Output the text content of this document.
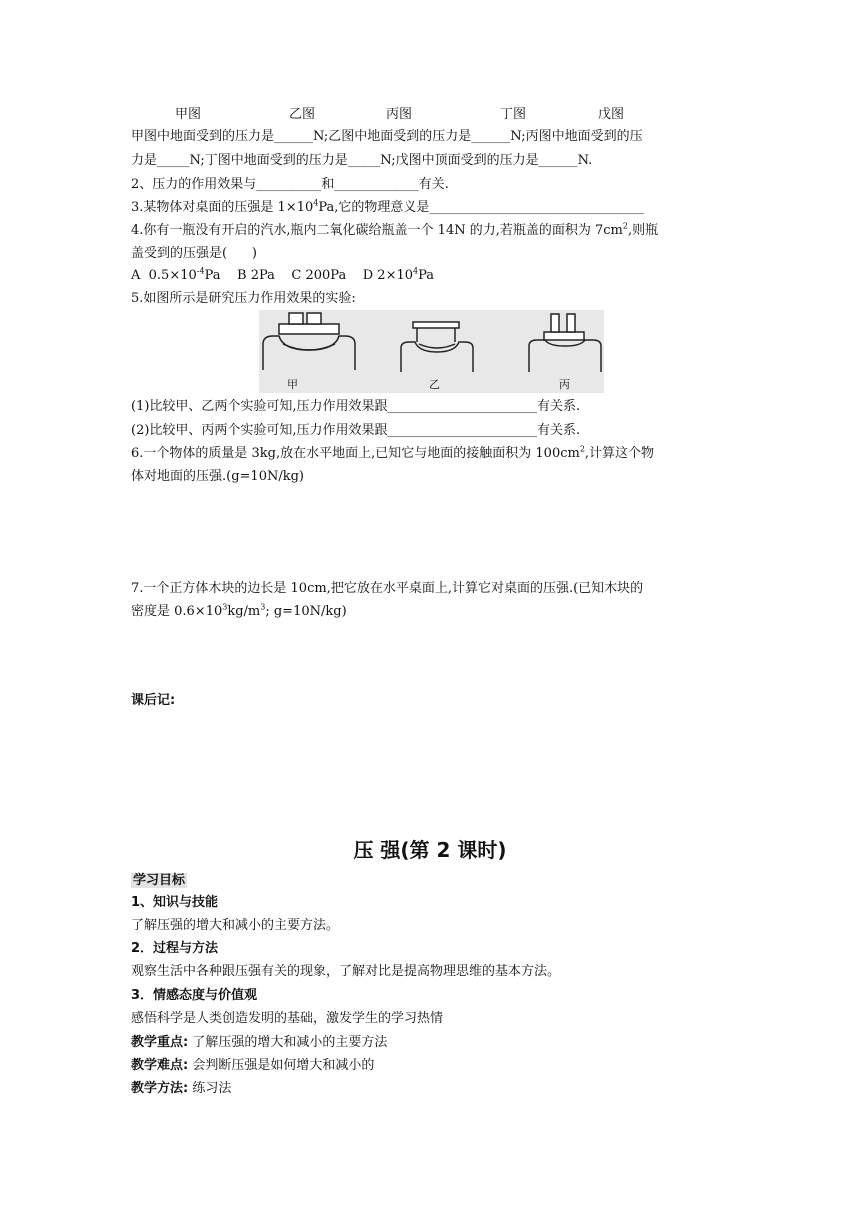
甲图	乙图	丙图	丁图	戊图
甲图中地面受到的压力是______N;乙图中地面受到的压力是______N;丙图中地面受到的压
力是_____N;丁图中地面受到的压力是_____N;戊图中顶面受到的压力是______N.
2、压力的作用效果与__________和_____________有关.
3.某物体对桌面的压强是 $1\times 10^4Pa$,它的物理意义是_________________________________
4.你有一瓶没有开启的汽水,瓶内二氧化碳给瓶盖一个 14N 的力,若瓶盖的面积为 $7cm^2$,则瓶
盖受到的压强是(      )
A  $0.5\times 10^{-4}Pa$    B 2Pa    C 200Pa    D $2\times 10^4Pa$
5.如图所示是研究压力作用效果的实验:
甲	乙	丙
(1)比较甲、乙两个实验可知,压力作用效果跟_______________________有关系.
(2)比较甲、丙两个实验可知,压力作用效果跟_______________________有关系.
6.一个物体的质量是 3kg,放在水平地面上,已知它与地面的接触面积为 $100cm^2$,计算这个物
体对地面的压强.(g=10N/kg)
7.一个正方体木块的边长是 10cm,把它放在水平桌面上,计算它对桌面的压强.(已知木块的
密度是 $0.6\times 10^3kg/m^3$; g=10N/kg)
课后记:
压 强(第 2 课时)
学习目标
1、知识与技能
了解压强的增大和减小的主要方法。
2．过程与方法
观察生活中各种跟压强有关的现象，了解对比是提高物理思维的基本方法。
3．情感态度与价值观
感悟科学是人类创造发明的基础，激发学生的学习热情
教学重点: 了解压强的增大和减小的主要方法
教学难点: 会判断压强是如何增大和减小的
教学方法: 练习法
